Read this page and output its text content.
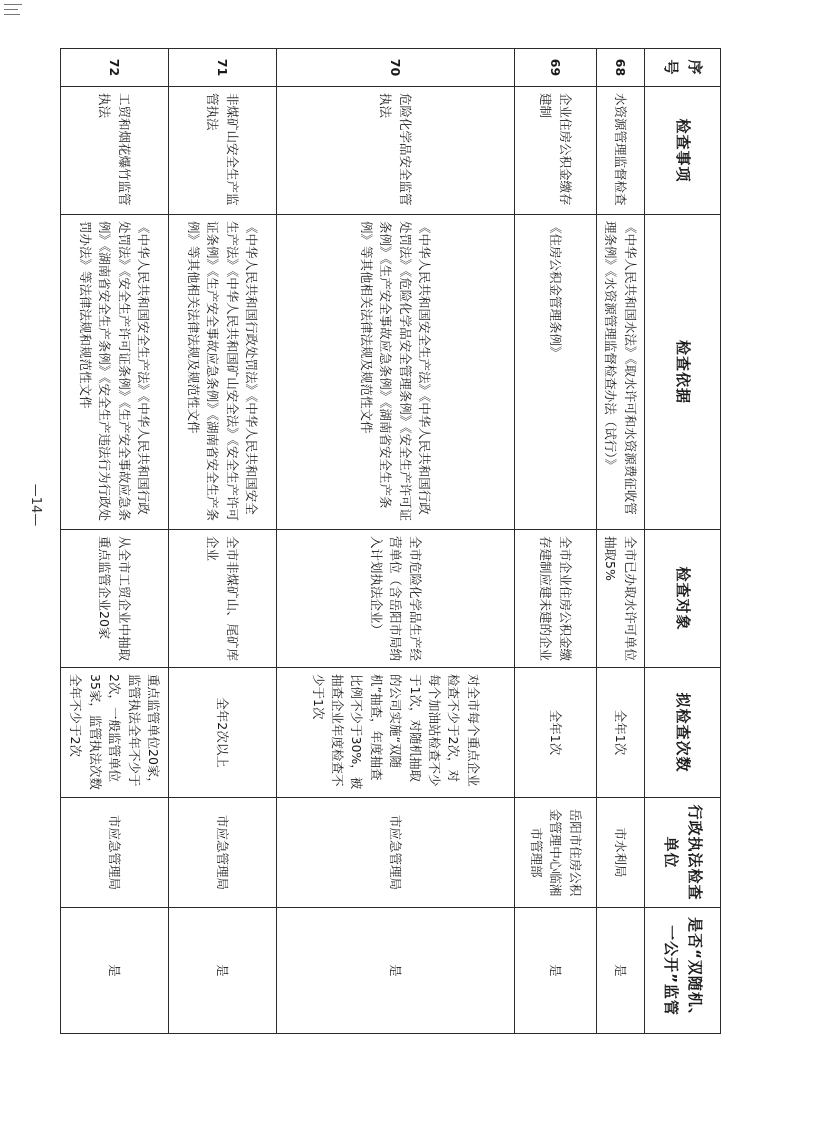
序号	检查事项	检查依据	检查对象	拟检查次数	行政执法检查单位	是否“双随机、一公开”监管
68	水资源管理监督检查	《中华人民共和国水法》《取水许可和水资源费征收管理条例》《水资源管理监督检查办法（试行）》	全市已办取水许可单位抽取5%	全年1次	市水利局	是
69	企业住房公积金缴存建制	《住房公积金管理条例》	全市企业住房公积金缴存建制应建未建的企业	全年1次	岳阳市住房公积金管理中心临湘市管理部	是
70	危险化学品安全监管执法	《中华人民共和国安全生产法》《中华人民共和国行政处罚法》《危险化学品安全管理条例》《安全生产许可证条例》《生产安全事故应急条例》《湖南省安全生产条例》等其他相关法律法规及规范性文件	全市危险化学品生产经营单位（含岳阳市局纳入计划执法企业）	对全市每个重点企业检查不少于2次，对每个加油站检查不少于1次，对随机抽取的公司实施“双随机”抽查，年度抽查比例不少于30%，被抽查企业年度检查不少于1次	市应急管理局	是
71	非煤矿山安全生产监管执法	《中华人民共和国行政处罚法》《中华人民共和国安全生产法》《中华人民共和国矿山安全法》《安全生产许可证条例》《生产安全事故应急条例》《湖南省安全生产条例》等其他相关法律法规及规范性文件	全市非煤矿山、尾矿库企业	全年2次以上	市应急管理局	是
72	工贸和烟花爆竹监管执法	《中华人民共和国安全生产法》《中华人民共和国行政处罚法》《安全生产许可证条例》《生产安全事故应急条例》《湖南省安全生产条例》《安全生产违法行为行政处罚办法》等法律法规和规范性文件	从全市工贸企业中抽取重点监管企业20家	重点监管单位20家，监管执法全年不少于2次，一般监管单位35家，监管执法次数全年不少于2次	市应急管理局	是
—14—
